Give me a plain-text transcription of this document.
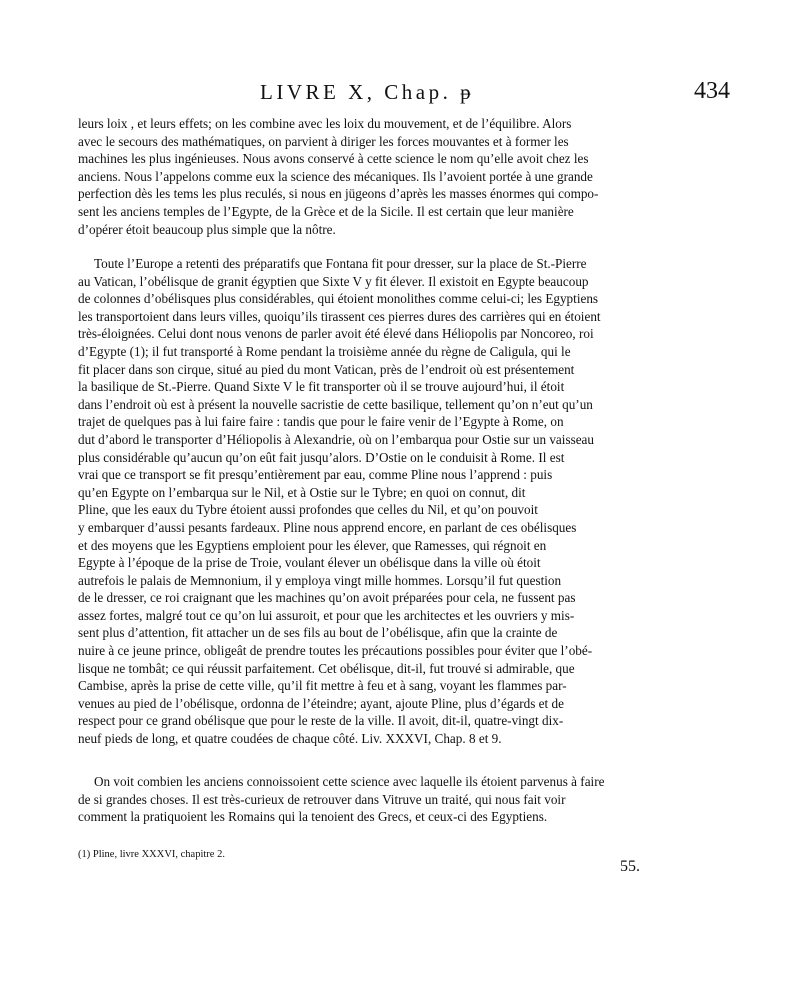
LIVRE X, Chap. ᵽ	434
leurs loix , et leurs effets; on les combine avec les loix du mouvement, et de l’équilibre. Alors
avec le secours des mathématiques, on parvient à diriger les forces mouvantes et à former les
machines les plus ingénieuses. Nous avons conservé à cette science le nom qu’elle avoit chez les
anciens. Nous l’appelons comme eux la science des mécaniques. Ils l’avoient portée à une grande
perfection dès les tems les plus reculés, si nous en jügeons d’après les masses énormes qui compo-
sent les anciens temples de l’Egypte, de la Grèce et de la Sicile. Il est certain que leur manière
d’opérer étoit beaucoup plus simple que la nôtre.
Toute l’Europe a retenti des préparatifs que Fontana fit pour dresser, sur la place de St.-Pierre
au Vatican, l’obélisque de granit égyptien que Sixte V y fit élever. Il existoit en Egypte beaucoup
de colonnes d’obélisques plus considérables, qui étoient monolithes comme celui-ci; les Egyptiens
les transportoient dans leurs villes, quoiqu’ils tirassent ces pierres dures des carrières qui en étoient
très-éloignées. Celui dont nous venons de parler avoit été élevé dans Héliopolis par Noncoreo, roi
d’Egypte (1); il fut transporté à Rome pendant la troisième année du règne de Caligula, qui le
fit placer dans son cirque, situé au pied du mont Vatican, près de l’endroit où est présentement
la basilique de St.-Pierre. Quand Sixte V le fit transporter où il se trouve aujourd’hui, il étoit
dans l’endroit où est à présent la nouvelle sacristie de cette basilique, tellement qu’on n’eut qu’un
trajet de quelques pas à lui faire faire : tandis que pour le faire venir de l’Egypte à Rome, on
dut d’abord le transporter d’Héliopolis à Alexandrie, où on l’embarqua pour Ostie sur un vaisseau
plus considérable qu’aucun qu’on eût fait jusqu’alors. D’Ostie on le conduisit à Rome. Il est
vrai que ce transport se fit presqu’entièrement par eau, comme Pline nous l’apprend : puis
qu’en Egypte on l’embarqua sur le Nil, et à Ostie sur le Tybre; en quoi on connut, dit
Pline, que les eaux du Tybre étoient aussi profondes que celles du Nil, et qu’on pouvoit
y embarquer d’aussi pesants fardeaux. Pline nous apprend encore, en parlant de ces obélisques
et des moyens que les Egyptiens emploient pour les élever, que Ramesses, qui régnoit en
Egypte à l’époque de la prise de Troie, voulant élever un obélisque dans la ville où étoit
autrefois le palais de Memnonium, il y employa vingt mille hommes. Lorsqu’il fut question
de le dresser, ce roi craignant que les machines qu’on avoit préparées pour cela, ne fussent pas
assez fortes, malgré tout ce qu’on lui assuroit, et pour que les architectes et les ouvriers y mis-
sent plus d’attention, fit attacher un de ses fils au bout de l’obélisque, afin que la crainte de
nuire à ce jeune prince, obligeât de prendre toutes les précautions possibles pour éviter que l’obé-
lisque ne tombât; ce qui réussit parfaitement. Cet obélisque, dit-il, fut trouvé si admirable, que
Cambise, après la prise de cette ville, qu’il fit mettre à feu et à sang, voyant les flammes par-
venues au pied de l’obélisque, ordonna de l’éteindre; ayant, ajoute Pline, plus d’égards et de
respect pour ce grand obélisque que pour le reste de la ville. Il avoit, dit-il, quatre-vingt dix-
neuf pieds de long, et quatre coudées de chaque côté. Liv. XXXVI, Chap. 8 et 9.
On voit combien les anciens connoissoient cette science avec laquelle ils étoient parvenus à faire
de si grandes choses. Il est très-curieux de retrouver dans Vitruve un traité, qui nous fait voir
comment la pratiquoient les Romains qui la tenoient des Grecs, et ceux-ci des Egyptiens.
(1) Pline, livre XXXVI, chapitre 2.
55.
